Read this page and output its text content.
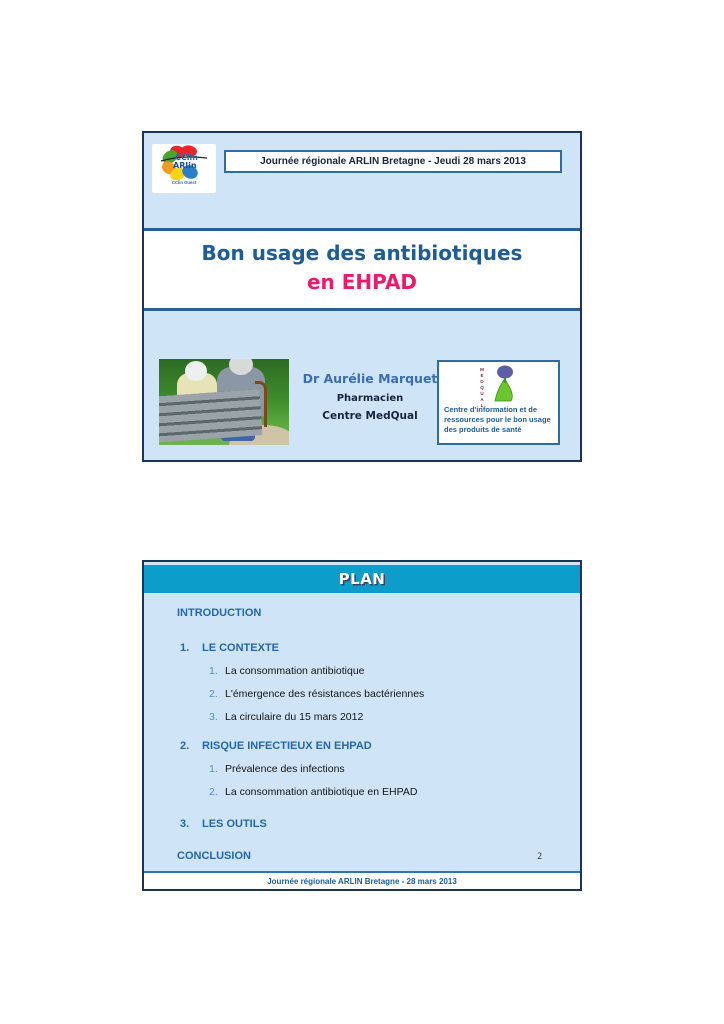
CClin
ARlin
CClin Ouest
Journée régionale ARLIN Bretagne - Jeudi 28 mars 2013
Bon usage des antibiotiques
en EHPAD
Dr Aurélie Marquet
Pharmacien
Centre MedQual
MEDQUAL
Centre d'information et de ressources pour le bon usage des produits de santé
PLAN
INTRODUCTION
1. LE CONTEXTE
1. La consommation antibiotique
2. L'émergence des résistances bactériennes
3. La circulaire du 15 mars 2012
2. RISQUE INFECTIEUX EN EHPAD
1. Prévalence des infections
2. La consommation antibiotique en EHPAD
3. LES OUTILS
CONCLUSION	2
Journée régionale ARLIN Bretagne - 28 mars 2013
